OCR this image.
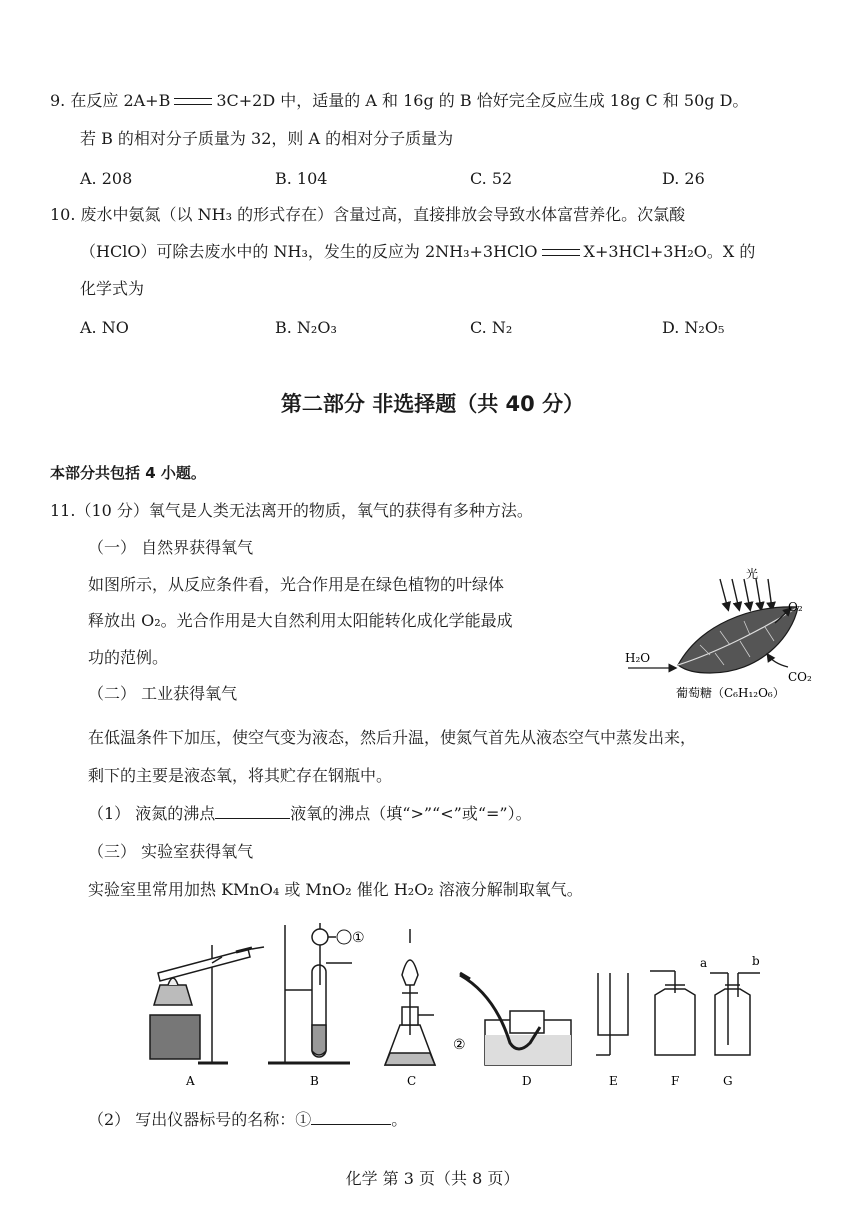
9. 在反应 2A+B	3C+2D 中，适量的 A 和 16g 的 B 恰好完全反应生成 18g C 和 50g D。
若 B 的相对分子质量为 32，则 A 的相对分子质量为
A. 208	B. 104	C. 52	D. 26
10. 废水中氨氮（以 NH₃ 的形式存在）含量过高，直接排放会导致水体富营养化。次氯酸
（HClO）可除去废水中的 NH₃，发生的反应为 2NH₃+3HClO	X+3HCl+3H₂O。X 的
化学式为
A. NO	B. N₂O₃	C. N₂	D. N₂O₅
第二部分 非选择题（共 40 分）
本部分共包括 4 小题。
11.（10 分）氧气是人类无法离开的物质，氧气的获得有多种方法。
（一） 自然界获得氧气
如图所示，从反应条件看，光合作用是在绿色植物的叶绿体
释放出 O₂。光合作用是大自然利用太阳能转化成化学能最成
功的范例。
光
O₂
H₂O
CO₂
葡萄糖（C₆H₁₂O₆）
（二） 工业获得氧气
在低温条件下加压，使空气变为液态，然后升温，使氮气首先从液态空气中蒸发出来，
剩下的主要是液态氧，将其贮存在钢瓶中。
（1） 液氮的沸点	液氧的沸点（填“>”“<”或“=”）。
（三） 实验室获得氧气
实验室里常用加热 KMnO₄ 或 MnO₂ 催化 H₂O₂ 溶液分解制取氧气。
A	B	C	D	E	F	G
①
②
a	b
（2） 写出仪器标号的名称：①	。
化学 第 3 页（共 8 页）
